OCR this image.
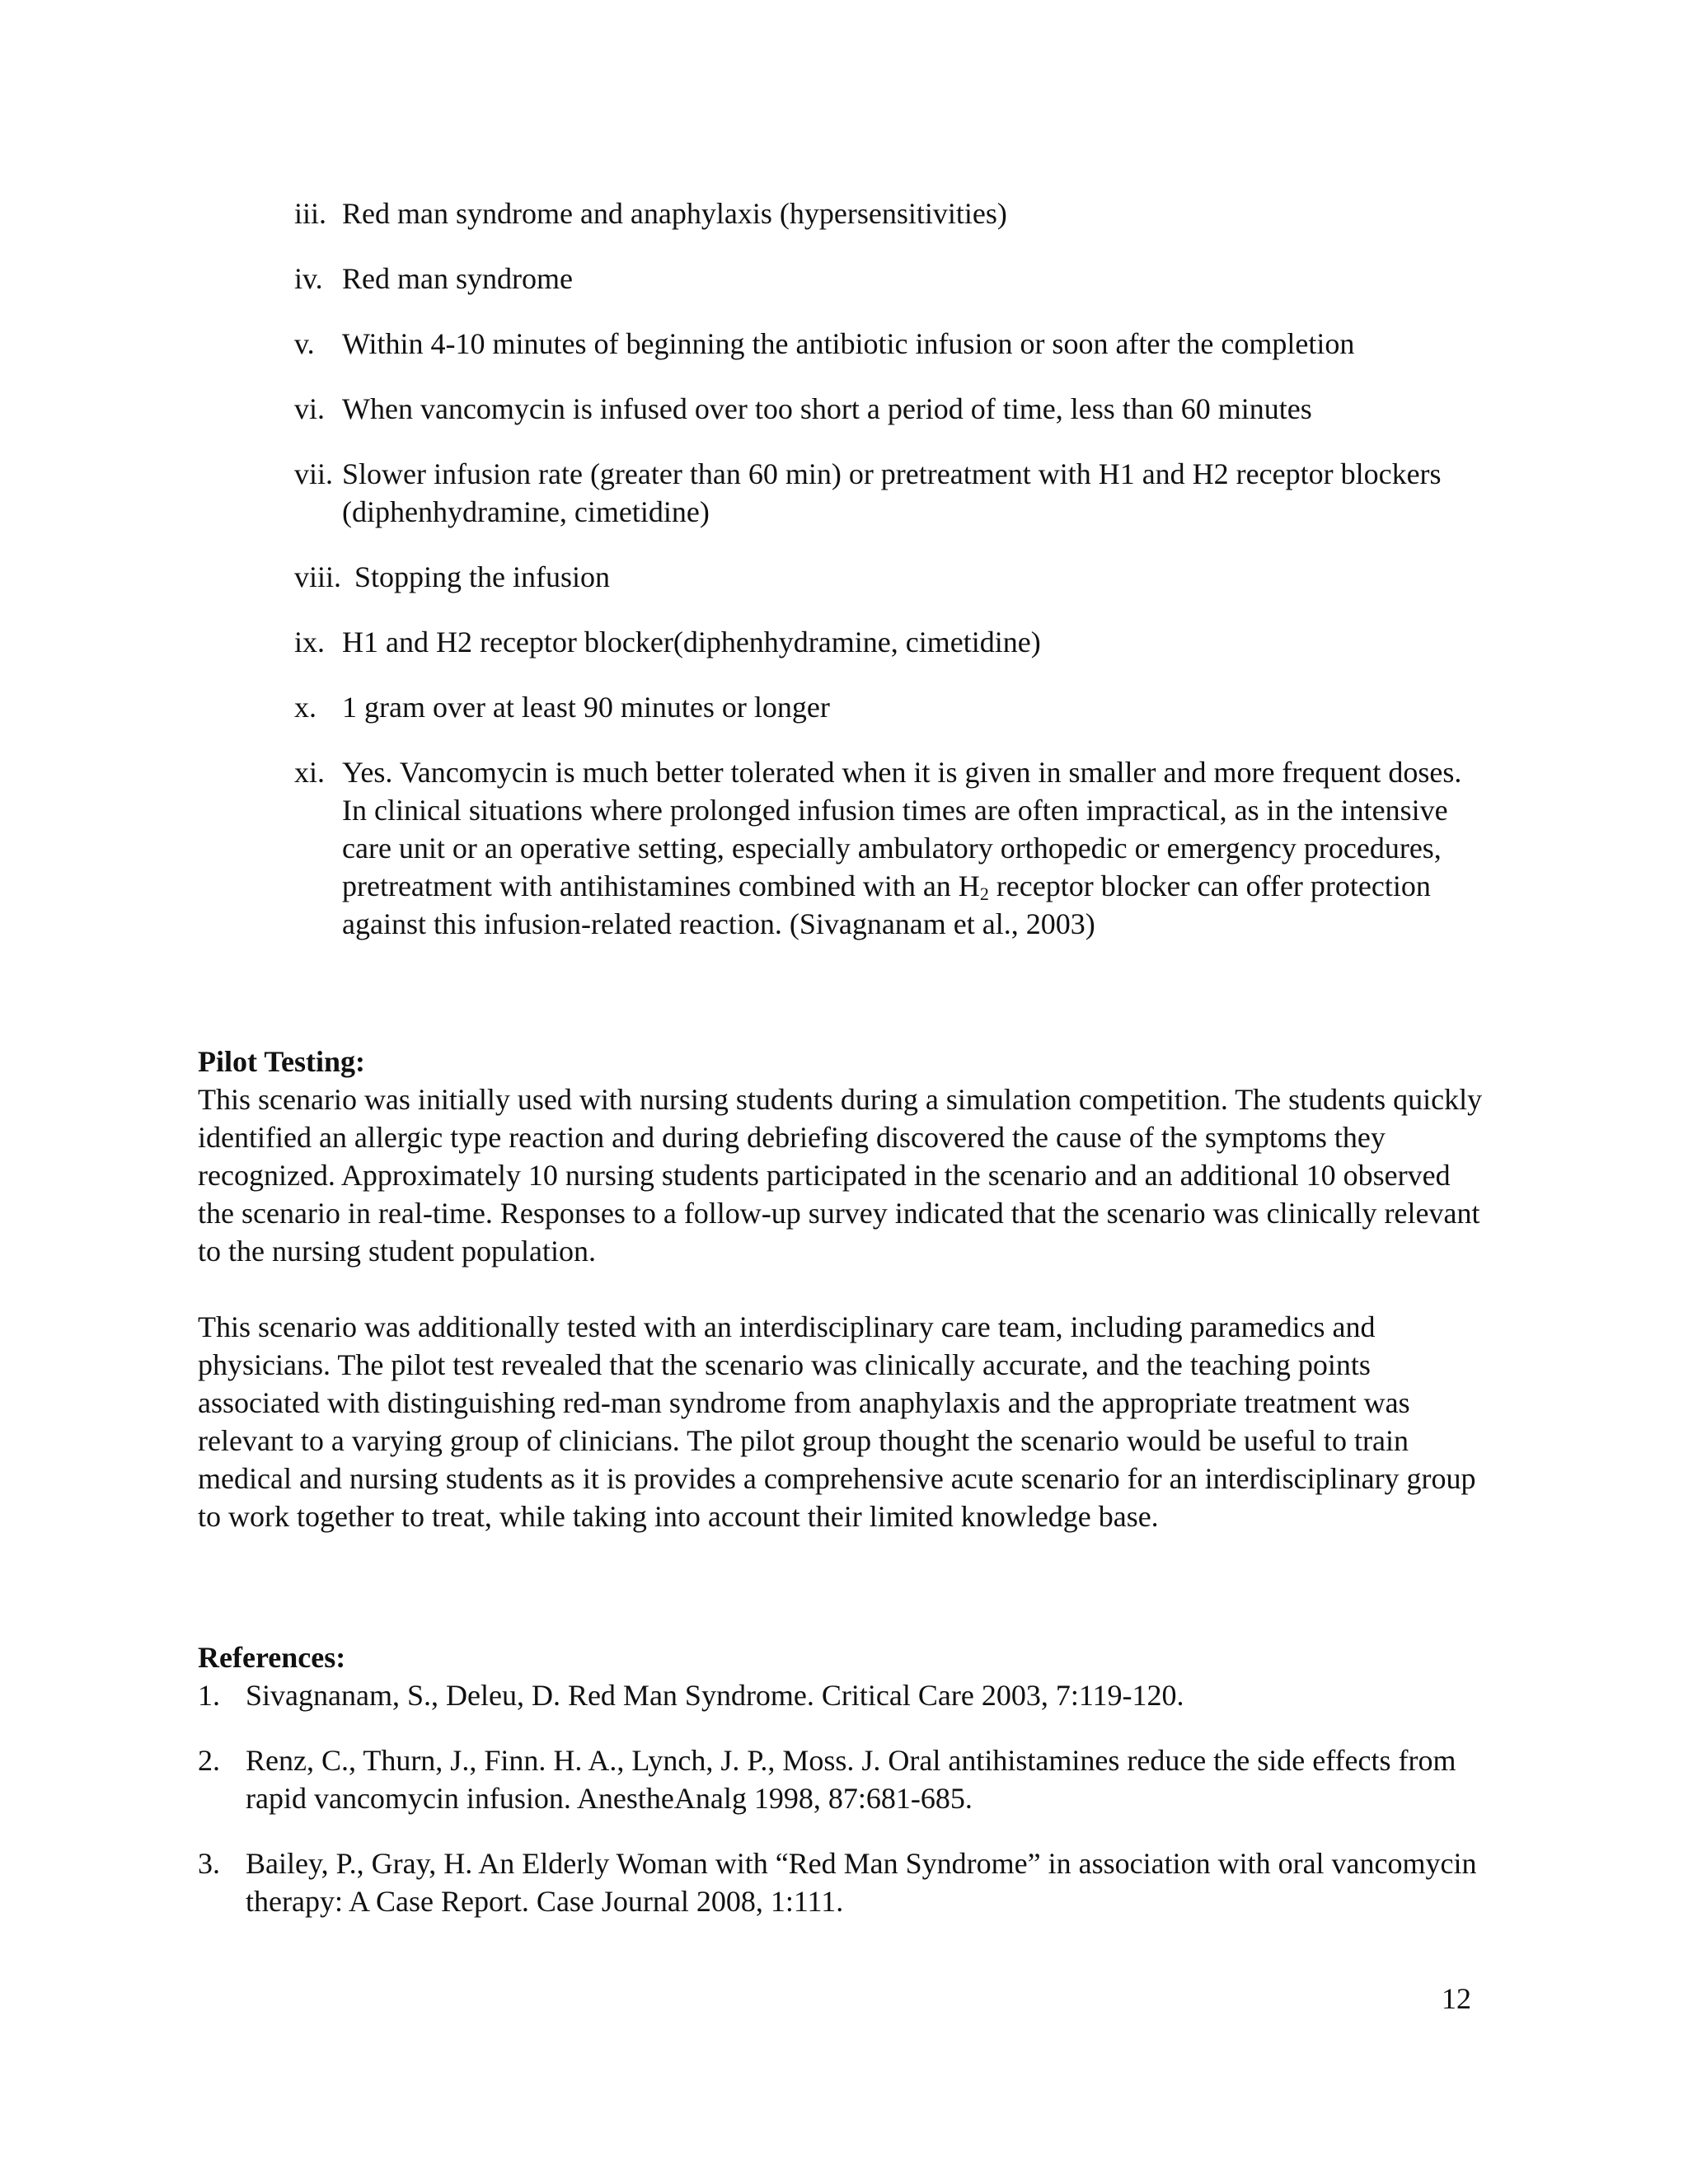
iii. Red man syndrome and anaphylaxis (hypersensitivities)
iv. Red man syndrome
v. Within 4-10 minutes of beginning the antibiotic infusion or soon after the completion
vi. When vancomycin is infused over too short a period of time, less than 60 minutes
vii. Slower infusion rate (greater than 60 min) or pretreatment with H1 and H2 receptor blockers (diphenhydramine, cimetidine)
viii. Stopping the infusion
ix. H1 and H2 receptor blocker(diphenhydramine, cimetidine)
x. 1 gram over at least 90 minutes or longer
xi. Yes. Vancomycin is much better tolerated when it is given in smaller and more frequent doses. In clinical situations where prolonged infusion times are often impractical, as in the intensive care unit or an operative setting, especially ambulatory orthopedic or emergency procedures, pretreatment with antihistamines combined with an $H_2$ receptor blocker can offer protection against this infusion-related reaction. (Sivagnanam et al., 2003)

Pilot Testing:

This scenario was initially used with nursing students during a simulation competition. The students quickly identified an allergic type reaction and during debriefing discovered the cause of the symptoms they recognized. Approximately 10 nursing students participated in the scenario and an additional 10 observed the scenario in real-time. Responses to a follow-up survey indicated that the scenario was clinically relevant to the nursing student population.

This scenario was additionally tested with an interdisciplinary care team, including paramedics and physicians. The pilot test revealed that the scenario was clinically accurate, and the teaching points associated with distinguishing red-man syndrome from anaphylaxis and the appropriate treatment was relevant to a varying group of clinicians. The pilot group thought the scenario would be useful to train medical and nursing students as it is provides a comprehensive acute scenario for an interdisciplinary group to work together to treat, while taking into account their limited knowledge base.

References:

1. Sivagnanam, S., Deleu, D. Red Man Syndrome. Critical Care 2003, 7:119-120.
2. Renz, C., Thurn, J., Finn. H. A., Lynch, J. P., Moss. J. Oral antihistamines reduce the side effects from rapid vancomycin infusion. AnestheAnalg 1998, 87:681-685.
3. Bailey, P., Gray, H. An Elderly Woman with “Red Man Syndrome” in association with oral vancomycin therapy: A Case Report. Case Journal 2008, 1:111.
12
